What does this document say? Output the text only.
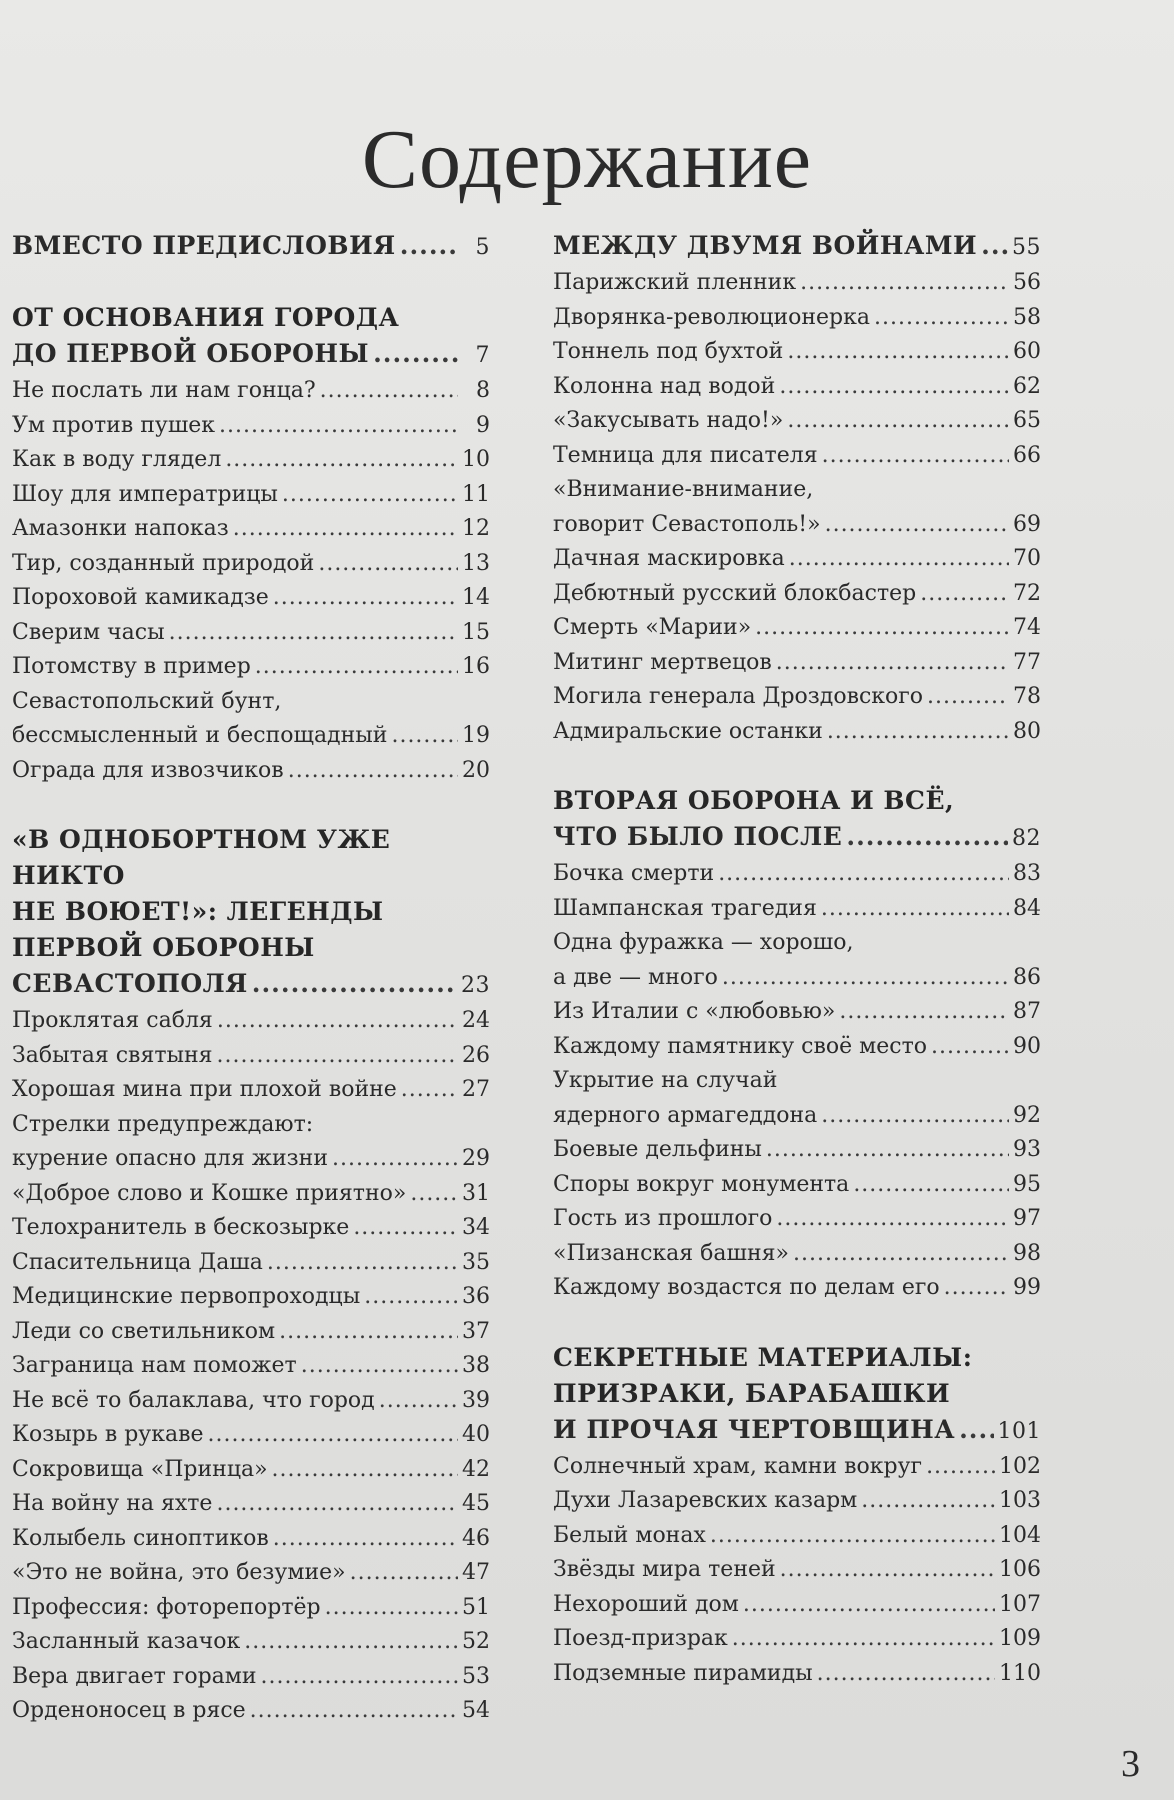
Содержание
ВМЕСТО ПРЕДИСЛОВИЯ .....	5
ОТ ОСНОВАНИЯ ГОРОДА
ДО ПЕРВОЙ ОБОРОНЫ .....	7
Не послать ли нам гонца? .....	8
Ум против пушек .....	9
Как в воду глядел .....	10
Шоу для императрицы .....	11
Амазонки напоказ .....	12
Тир, созданный природой .....	13
Пороховой камикадзе .....	14
Сверим часы .....	15
Потомству в пример .....	16
Севастопольский бунт,
бессмысленный и беспощадный .....	19
Ограда для извозчиков .....	20
«В ОДНОБОРТНОМ УЖЕ НИКТО
НЕ ВОЮЕТ!»: ЛЕГЕНДЫ
ПЕРВОЙ ОБОРОНЫ
СЕВАСТОПОЛЯ .....	23
Проклятая сабля .....	24
Забытая святыня .....	26
Хорошая мина при плохой войне .....	27
Стрелки предупреждают:
курение опасно для жизни .....	29
«Доброе слово и Кошке приятно» .....	31
Телохранитель в бескозырке .....	34
Спасительница Даша .....	35
Медицинские первопроходцы .....	36
Леди со светильником .....	37
Заграница нам поможет .....	38
Не всё то балаклава, что город .....	39
Козырь в рукаве .....	40
Сокровища «Принца» .....	42
На войну на яхте .....	45
Колыбель синоптиков .....	46
«Это не война, это безумие» .....	47
Профессия: фоторепортёр .....	51
Засланный казачок .....	52
Вера двигает горами .....	53
Орденоносец в рясе .....	54
МЕЖДУ ДВУМЯ ВОЙНАМИ ..... 55
Парижский пленник .....	56
Дворянка-революционерка .....	58
Тоннель под бухтой .....	60
Колонна над водой .....	62
«Закусывать надо!» .....	65
Темница для писателя .....	66
«Внимание-внимание,
говорит Севастополь!» .....	69
Дачная маскировка .....	70
Дебютный русский блокбастер .....	72
Смерть «Марии» .....	74
Митинг мертвецов .....	77
Могила генерала Дроздовского .....	78
Адмиральские останки .....	80
ВТОРАЯ ОБОРОНА И ВСЁ,
ЧТО БЫЛО ПОСЛЕ .....	82
Бочка смерти .....	83
Шампанская трагедия .....	84
Одна фуражка — хорошо,
а две — много .....	86
Из Италии с «любовью» .....	87
Каждому памятнику своё место .....	90
Укрытие на случай
ядерного армагеддона .....	92
Боевые дельфины .....	93
Споры вокруг монумента .....	95
Гость из прошлого .....	97
«Пизанская башня» .....	98
Каждому воздастся по делам его .....	99
СЕКРЕТНЫЕ МАТЕРИАЛЫ:
ПРИЗРАКИ, БАРАБАШКИ
И ПРОЧАЯ ЧЕРТОВЩИНА ..... 101
Солнечный храм, камни вокруг .....	102
Духи Лазаревских казарм .....	103
Белый монах .....	104
Звёзды мира теней .....	106
Нехороший дом .....	107
Поезд-призрак .....	109
Подземные пирамиды .....	110
3
